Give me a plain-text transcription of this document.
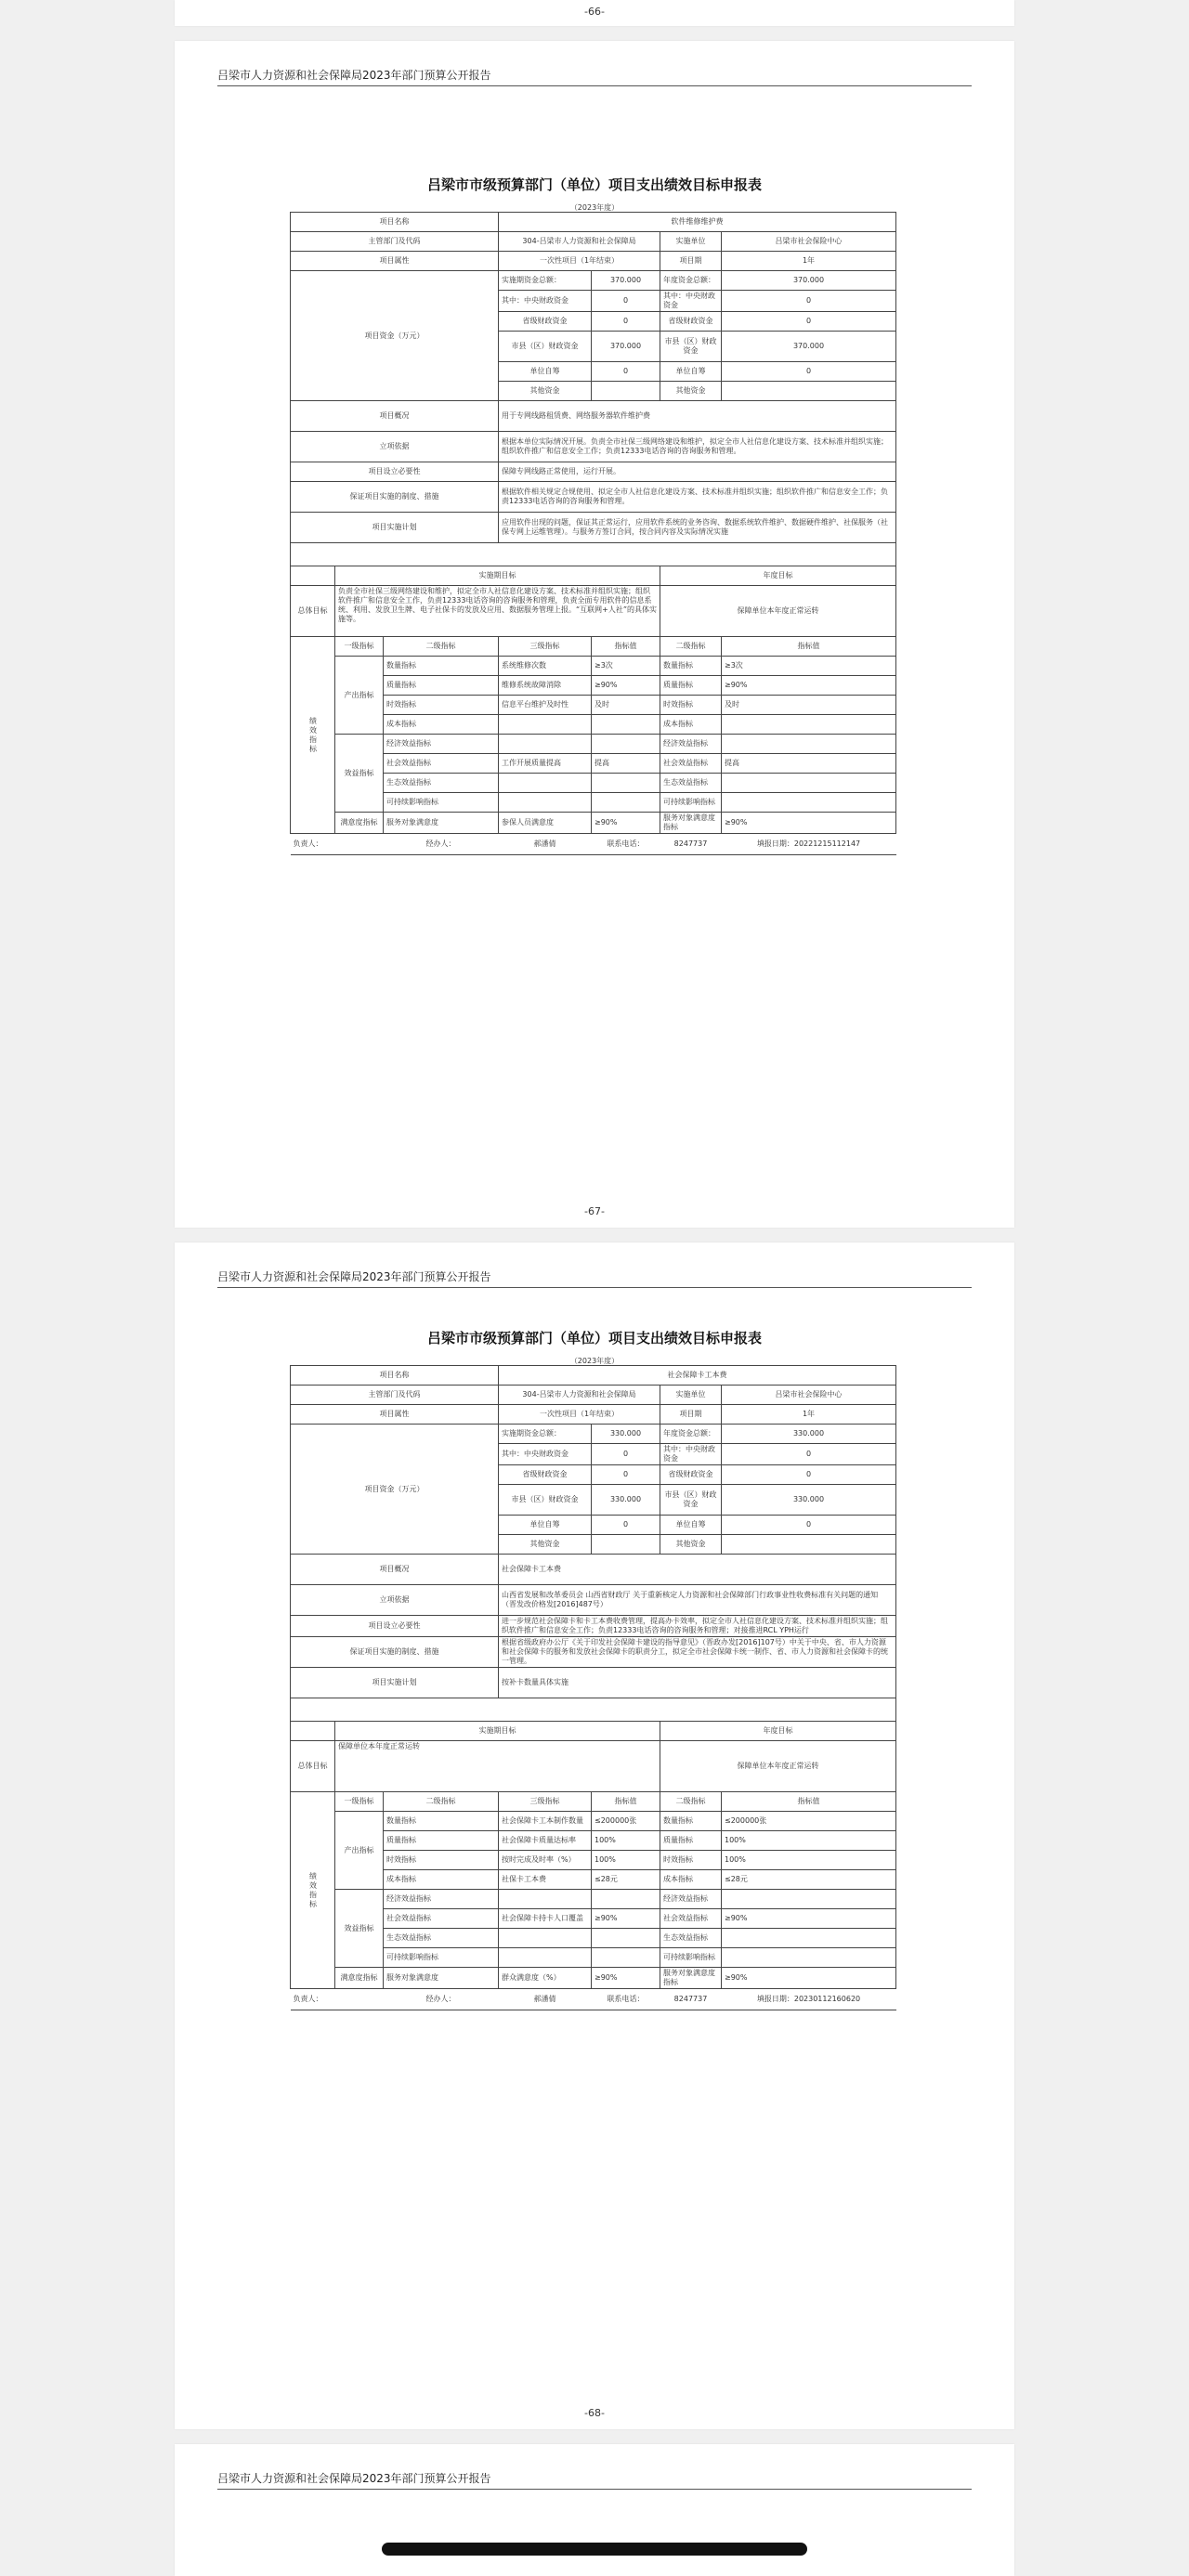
-66-
吕梁市人力资源和社会保障局2023年部门预算公开报告
吕梁市市级预算部门（单位）项目支出绩效目标申报表
（2023年度）
项目名称			软件维修维护费			
主管部门及代码			304-吕梁市人力资源和社会保障局		实施单位	吕梁市社会保险中心
项目属性			一次性项目（1年结束）		项目期	1年
项目资金（万元）			实施期资金总额：	370.000	年度资金总额：	370.000
			其中：中央财政资金	0	其中：中央财政资金	0
			省级财政资金	0	省级财政资金	0
			市县（区）财政资金	370.000	市县（区）财政资金	370.000
			单位自筹	0	单位自筹	0
			其他资金		其他资金	
项目概况			用于专网线路租赁费、网络服务器软件维护费			
立项依据			根据本单位实际情况开展。负责全市社保三级网络建设和维护，拟定全市人社信息化建设方案、技术标准并组织实施；组织软件推广和信息安全工作；负责12333电话咨询的咨询服务和管理。			
项目设立必要性			保障专网线路正常使用，运行开展。			
保证项目实施的制度、措施			根据软件相关规定合规使用、拟定全市人社信息化建设方案、技术标准并组织实施；组织软件推广和信息安全工作；负责12333电话咨询的咨询服务和管理。			
项目实施计划			应用软件出现的问题，保证其正常运行，应用软件系统的业务咨询、数据系统软件维护、数据硬件维护、社保服务（社保专网上运维管理）。与服务方签订合同，按合同内容及实际情况实施			

	实施期目标				年度目标	
总体目标	负责全市社保三级网络建设和维护，拟定全市人社信息化建设方案、技术标准并组织实施；组织软件推广和信息安全工作，负责12333电话咨询的咨询服务和管理，负责全面专用软件的信息系统、利用、发放卫生牌、电子社保卡的发放及应用、数据服务管理上报。“互联网+人社”的具体实施等。				保障单位本年度正常运转	
绩效指标	一级指标	二级指标	三级指标	指标值	二级指标	指标值
	产出指标	数量指标	系统维修次数	≥3次	数量指标	≥3次
		质量指标	维修系统故障消除	≥90%	质量指标	≥90%
		时效指标	信息平台维护及时性	及时	时效指标	及时
		成本指标			成本指标	
	效益指标	经济效益指标			经济效益指标	
		社会效益指标	工作开展质量提高	提高	社会效益指标	提高
		生态效益指标			生态效益指标	
		可持续影响指标			可持续影响指标	
	满意度指标	服务对象满意度	参保人员满意度	≥90%	服务对象满意度指标	≥90%
负责人：		经办人：	郝潘倩	联系电话：	8247737	填报日期：20221215112147
-67-
吕梁市人力资源和社会保障局2023年部门预算公开报告
吕梁市市级预算部门（单位）项目支出绩效目标申报表
（2023年度）
项目名称			社会保障卡工本费			
主管部门及代码			304-吕梁市人力资源和社会保障局		实施单位	吕梁市社会保险中心
项目属性			一次性项目（1年结束）		项目期	1年
项目资金（万元）			实施期资金总额：	330.000	年度资金总额：	330.000
			其中：中央财政资金	0	其中：中央财政资金	0
			省级财政资金	0	省级财政资金	0
			市县（区）财政资金	330.000	市县（区）财政资金	330.000
			单位自筹	0	单位自筹	0
			其他资金		其他资金	
项目概况			社会保障卡工本费			
立项依据			山西省发展和改革委员会 山西省财政厅 关于重新核定人力资源和社会保障部门行政事业性收费标准有关问题的通知（晋发改价格发[2016]487号）			
项目设立必要性			进一步规范社会保障卡和卡工本费收费管理，提高办卡效率，拟定全市人社信息化建设方案、技术标准并组织实施；组织软件推广和信息安全工作；负责12333电话咨询的咨询服务和管理；对接推进RCL YPH运行			
保证项目实施的制度、措施			根据省级政府办公厅《关于印发社会保障卡建设的指导意见》（晋政办发[2016]107号）中关于中央、省、市人力资源和社会保障卡的服务和发放社会保障卡的职责分工，拟定全市社会保障卡统一制作、省、市人力资源和社会保障卡的统一管理。			
项目实施计划			按补卡数量具体实施			

	实施期目标				年度目标	
总体目标	保障单位本年度正常运转				保障单位本年度正常运转	
绩效指标	一级指标	二级指标	三级指标	指标值	二级指标	指标值
	产出指标	数量指标	社会保障卡工本制作数量	≤200000张	数量指标	≤200000张
		质量指标	社会保障卡质量达标率	100%	质量指标	100%
		时效指标	按时完成及时率（%）	100%	时效指标	100%
		成本指标	社保卡工本费	≤28元	成本指标	≤28元
	效益指标	经济效益指标			经济效益指标	
		社会效益指标	社会保障卡持卡人口覆盖	≥90%	社会效益指标	≥90%
		生态效益指标			生态效益指标	
		可持续影响指标			可持续影响指标	
	满意度指标	服务对象满意度	群众满意度（%）	≥90%	服务对象满意度指标	≥90%
负责人：		经办人：	郝潘倩	联系电话：	8247737	填报日期：20230112160620
-68-
吕梁市人力资源和社会保障局2023年部门预算公开报告
